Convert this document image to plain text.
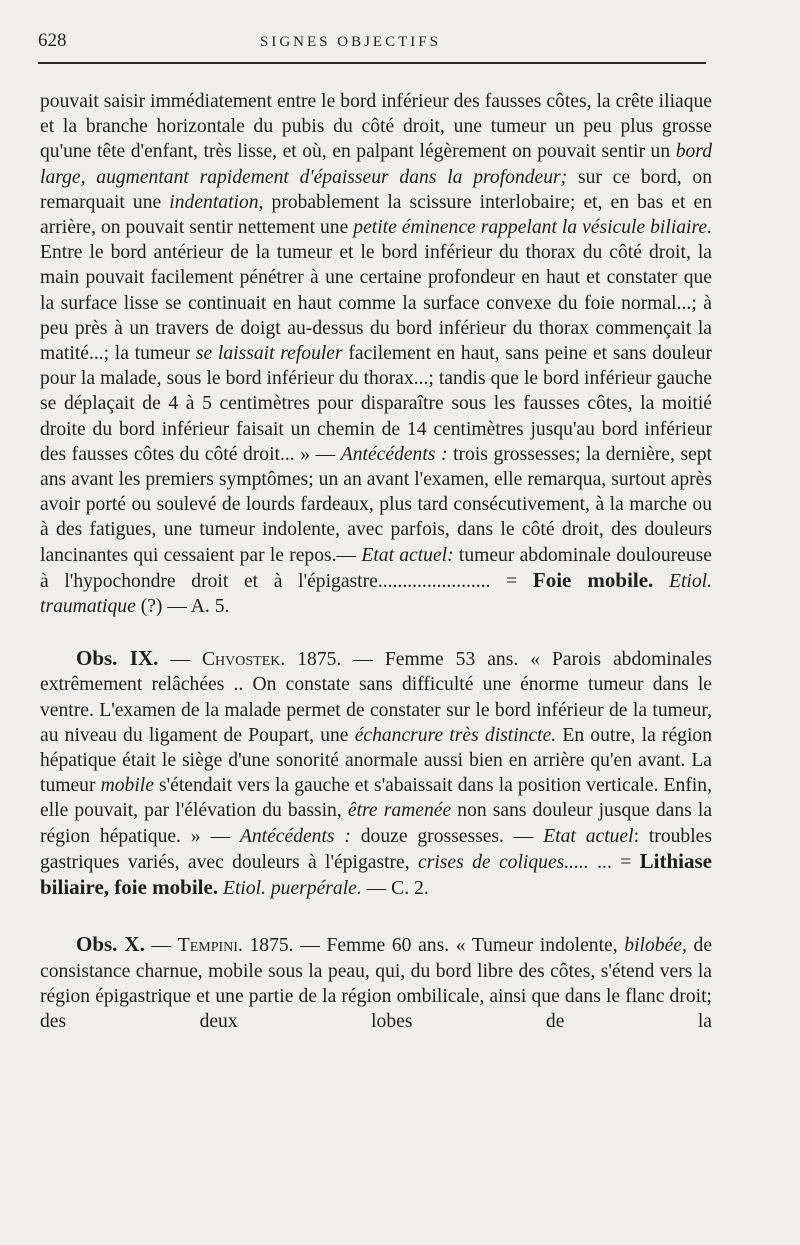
628	SIGNES OBJECTIFS

pouvait saisir immédiatement entre le bord inférieur des fausses côtes, la crête iliaque et la branche horizontale du pubis du côté droit, une tumeur un peu plus grosse qu'une tête d'enfant, très lisse, et où, en palpant légèrement on pouvait sentir un bord large, augmentant rapidement d'épaisseur dans la profondeur; sur ce bord, on remarquait une indentation, probablement la scissure interlobaire; et, en bas et en arrière, on pouvait sentir nettement une petite éminence rappelant la vésicule biliaire. Entre le bord antérieur de la tumeur et le bord inférieur du thorax du côté droit, la main pouvait facilement pénétrer à une certaine profondeur en haut et constater que la surface lisse se continuait en haut comme la surface convexe du foie normal...; à peu près à un travers de doigt au-dessus du bord inférieur du thorax commençait la matité...; la tumeur se laissait refouler facilement en haut, sans peine et sans douleur pour la malade, sous le bord inférieur du thorax...; tandis que le bord inférieur gauche se déplaçait de 4 à 5 centimètres pour disparaître sous les fausses côtes, la moitié droite du bord inférieur faisait un chemin de 14 centimètres jusqu'au bord inférieur des fausses côtes du côté droit... » — Antécédents : trois grossesses; la dernière, sept ans avant les premiers symptômes; un an avant l'examen, elle remarqua, surtout après avoir porté ou soulevé de lourds fardeaux, plus tard consécutivement, à la marche ou à des fatigues, une tumeur indolente, avec parfois, dans le côté droit, des douleurs lancinantes qui cessaient par le repos.— Etat actuel: tumeur abdominale douloureuse à l'hypochondre droit et à l'épigastre....................... = Foie mobile. Etiol. traumatique (?) — A. 5.

Obs. IX. — Chvostek. 1875. — Femme 53 ans. « Parois abdominales extrêmement relâchées .. On constate sans difficulté une énorme tumeur dans le ventre. L'examen de la malade permet de constater sur le bord inférieur de la tumeur, au niveau du ligament de Poupart, une échancrure très distincte. En outre, la région hépatique était le siège d'une sonorité anormale aussi bien en arrière qu'en avant. La tumeur mobile s'étendait vers la gauche et s'abaissait dans la position verticale. Enfin, elle pouvait, par l'élévation du bassin, être ramenée non sans douleur jusque dans la région hépatique. » — Antécédents : douze grossesses. — Etat actuel: troubles gastriques variés, avec douleurs à l'épigastre, crises de coliques..... ... = Lithiase biliaire, foie mobile. Etiol. puerpérale. — C. 2.

Obs. X. — Tempini. 1875. — Femme 60 ans. « Tumeur indolente, bilobée, de consistance charnue, mobile sous la peau, qui, du bord libre des côtes, s'étend vers la région épigastrique et une partie de la région ombilicale, ainsi que dans le flanc droit; des deux lobes de la
